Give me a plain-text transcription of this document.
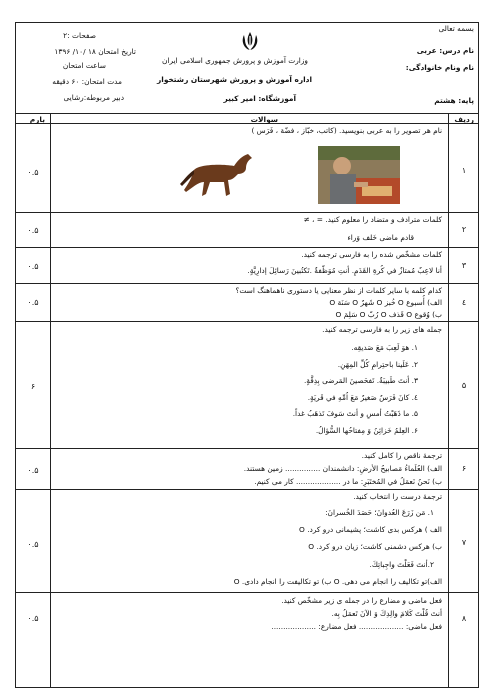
بسمه تعالی
نام درس: عربی
نام ونام خانوادگی:
پایه: هشتم
صفحات :۲
تاریخ امتحان ۱۸ /۱۰/ ۱۳۹۶
ساعت امتحان
مدت امتحان: ۶۰ دقیقه
دبیر مربوطه:رشایی
وزارت آموزش و پرورش جمهوری اسلامی ایران
اداره آموزش و پرورش شهرستان رشتخوار
آموزشگاه: امیر کبیر
ردیف
سوالات
بارم
۱
۰.۵
نام هر تصویر را به عربی بنویسید. (کاتب، خبّاز ، فضّة ، فَرَس )
۲
۰.۵
کلمات مترادف و متضاد را معلوم کنید. = ، ≠
قادم ماضی خَلف وَراء
۳
۰.۵
کلمات مشخّص شده را به فارسی ترجمه کنید.
أنا لاعِبٌ مُمتازٌ في كُرةِ القَدَمِ. أنتِ مُوَظّفةٌ .تَكتُبينَ رَسائِلَ إدارِيَّةٍ.
٤
۰.۵
کدام کلمه با سایر کلمات از نظر معنایی یا دستوری ناهماهنگ است؟
الف) أُسبوع O خُبز O شَهرٌ O سَنَة O
ب) وُقوع O قَذف O رُبّ O سَلِمَ O
۵
۶
جمله های زیر را به فارسی ترجمه کنید.
۱. هوَ لَعِبَ مَعَ صَديقِه.
۲. عَلَينا باحتِرامِ كُلِّ المِهَنِ.
۳. أنتَ طَبيبَةٌ. تَفحَصينَ المَرضى بِدِقَّةٍ.
٤. كانَ فَرَسٌ صَغيرٌ مَعَ اُمِّهِ في قَريَةٍ.
۵. ما ذَهَبْتُ أمسِ و أنتَ سَوفَ تَذهَبُ غداً.
۶. العِلمُ خَزائِنُ وَ مِفتاحُها السُّؤالُ.
۶
۰.۵
ترجمهٔ ناقص را کامل کنید.
الف) العُلَماءُ مَصابيحُ الأرضِ: دانشمندان ............... زمین هستند.
ب) نَحنُ نَعمَلُ في المُختَبَرِ: ما در ................... کار می کنیم.
۷
۰.۵
ترجمهٔ درست را انتخاب کنید.
۱. مَن زَرَعَ العُدوانَ؛ حَصَدَ الخُسرانَ:
الف ) هرکس بدی کاشت؛ پشیمانی درو کرد. O
ب) هرکس دشمنی کاشت؛ زیان درو کرد. O
۲.أنتَ فَعَلْتَ واجِباتِكَ.
الف)تو تکالیف را انجام می دهی. O ب) تو تکالیفت را انجام دادی. O
۸
۰.۵
فعل ماضی و مضارع را در جمله ی زیر مشخّص کنید.
أنتَ قُلْتَ كَلامَ والِدِكَ وَ الآنَ تَعمَلُ بِه.
فعل ماضی: ................... فعل مضارع: ...................
